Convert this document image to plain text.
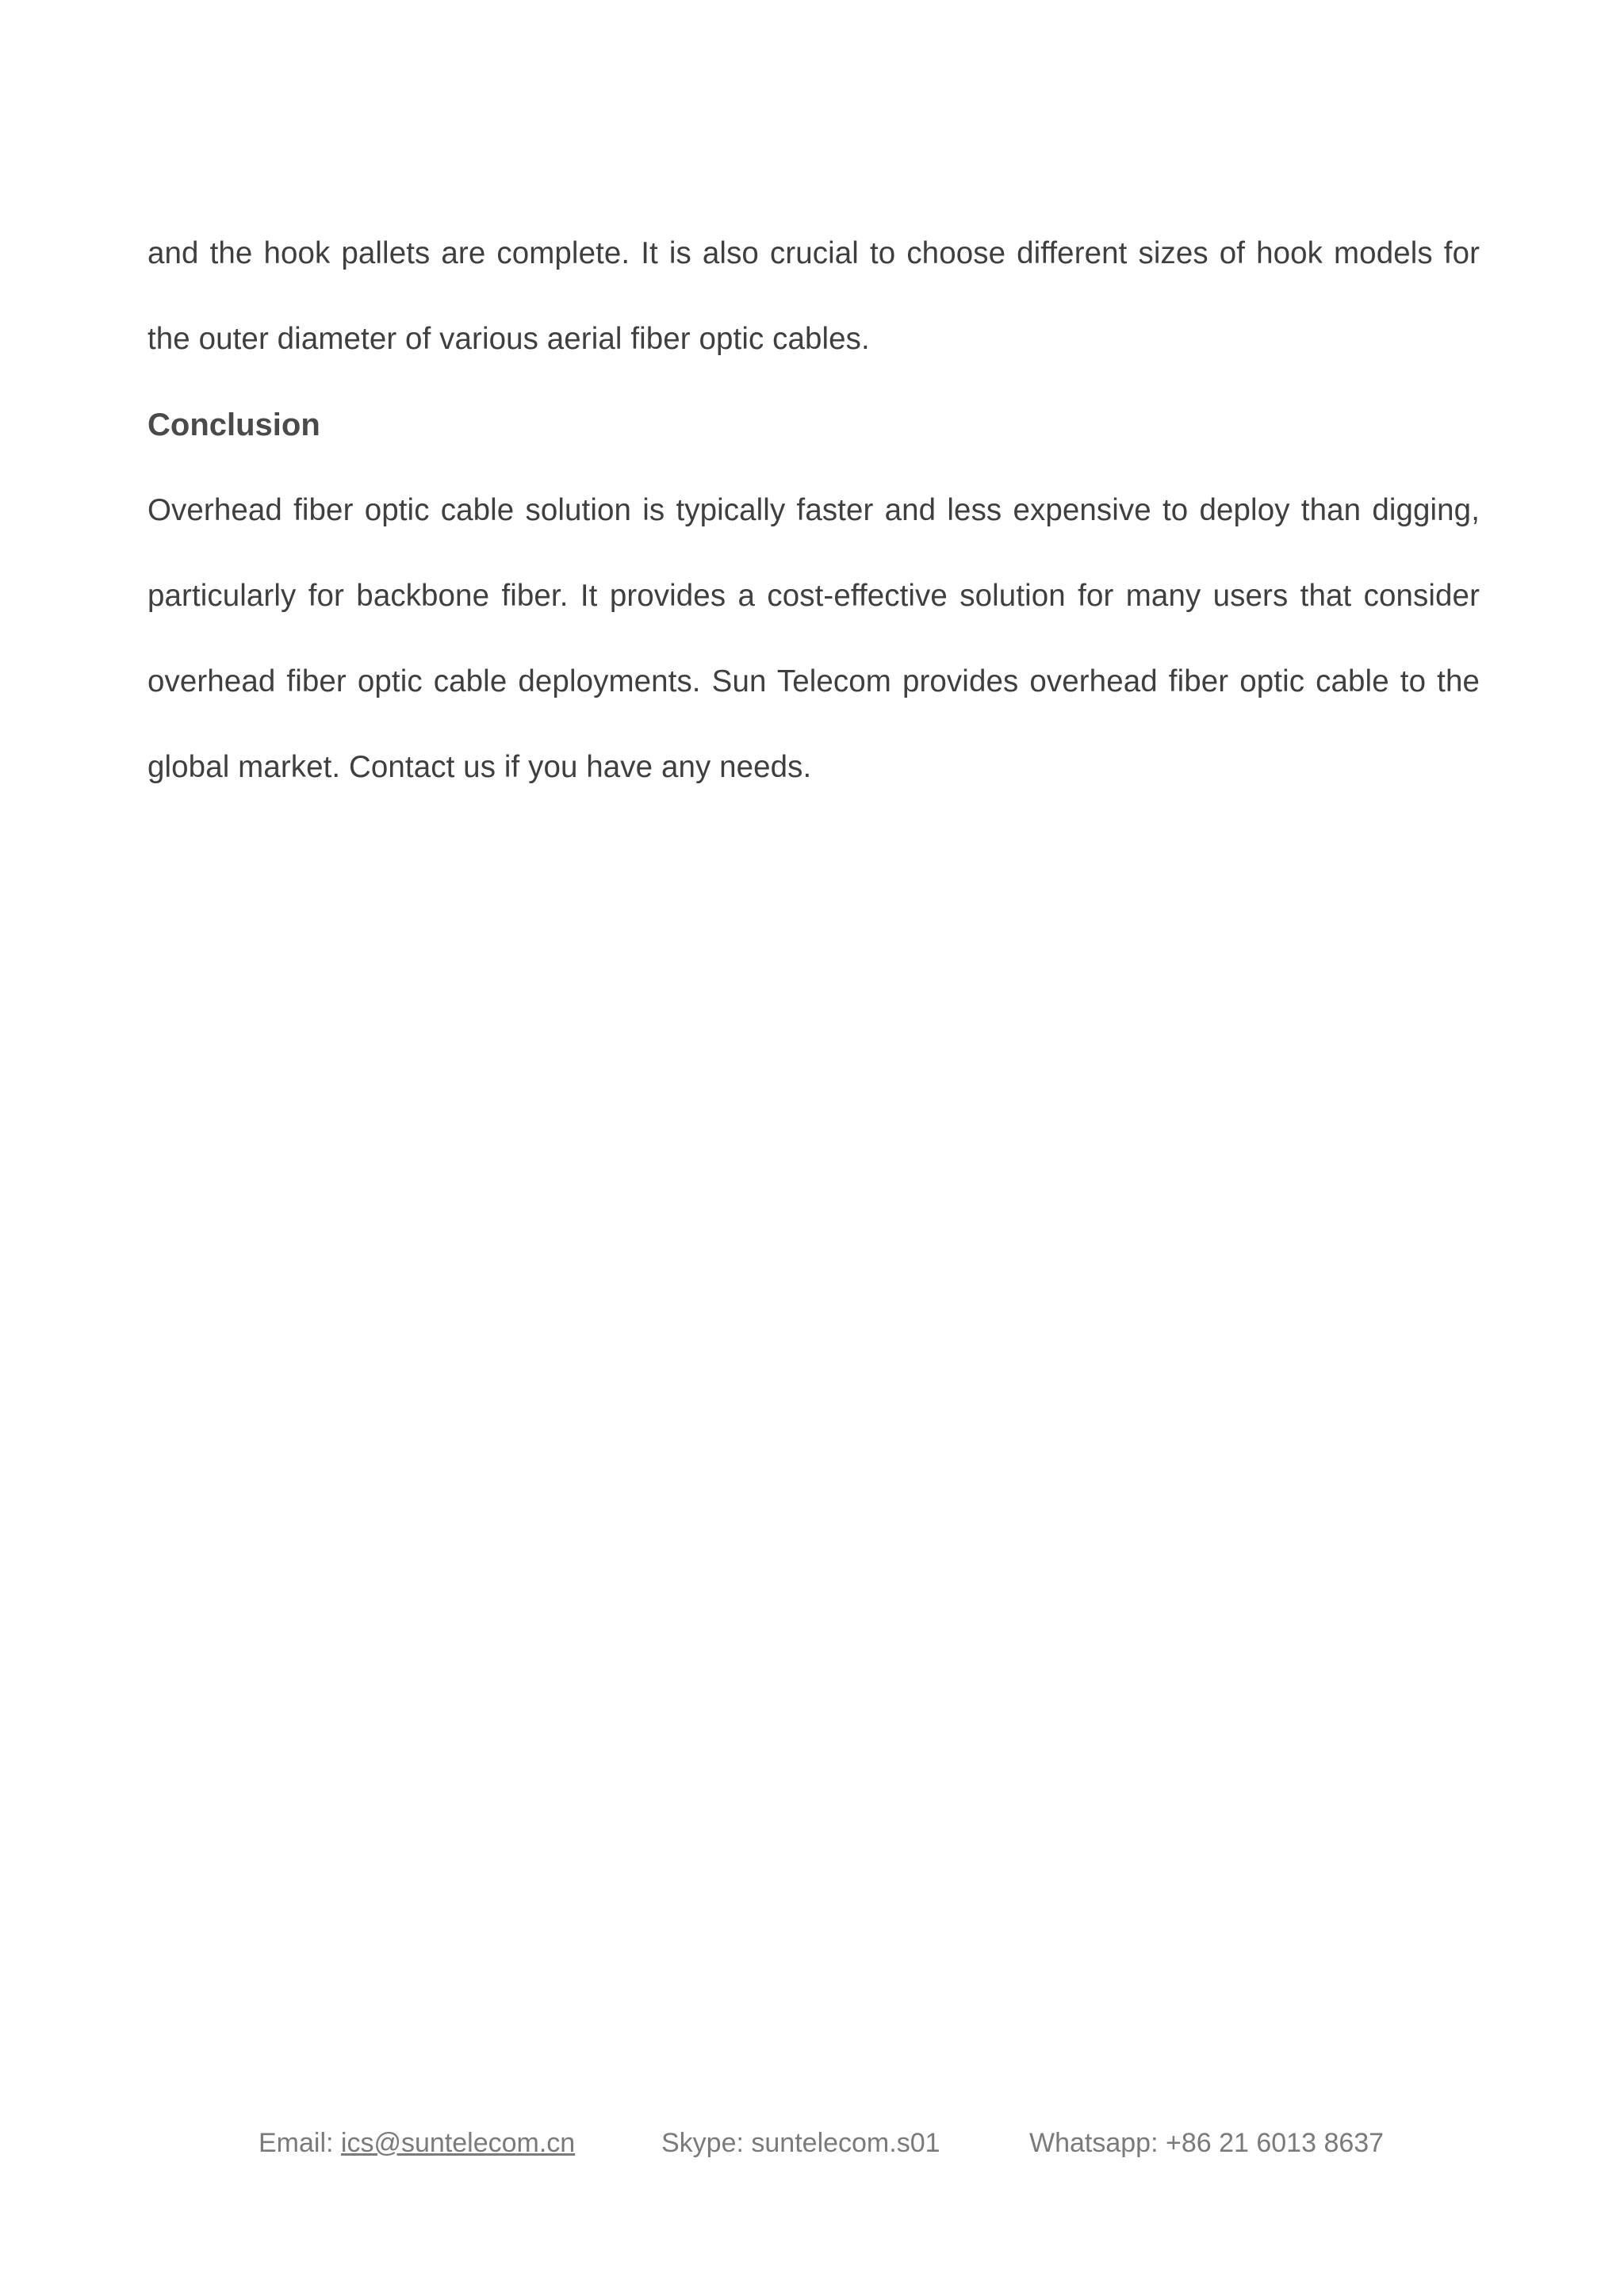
and the hook pallets are complete. It is also crucial to choose different sizes of hook models for the outer diameter of various aerial fiber optic cables.

Conclusion

Overhead fiber optic cable solution is typically faster and less expensive to deploy than digging, particularly for backbone fiber. It provides a cost-effective solution for many users that consider overhead fiber optic cable deployments. Sun Telecom provides overhead fiber optic cable to the global market. Contact us if you have any needs.

Email: ics@suntelecom.cn	Skype: suntelecom.s01	Whatsapp: +86 21 6013 8637
